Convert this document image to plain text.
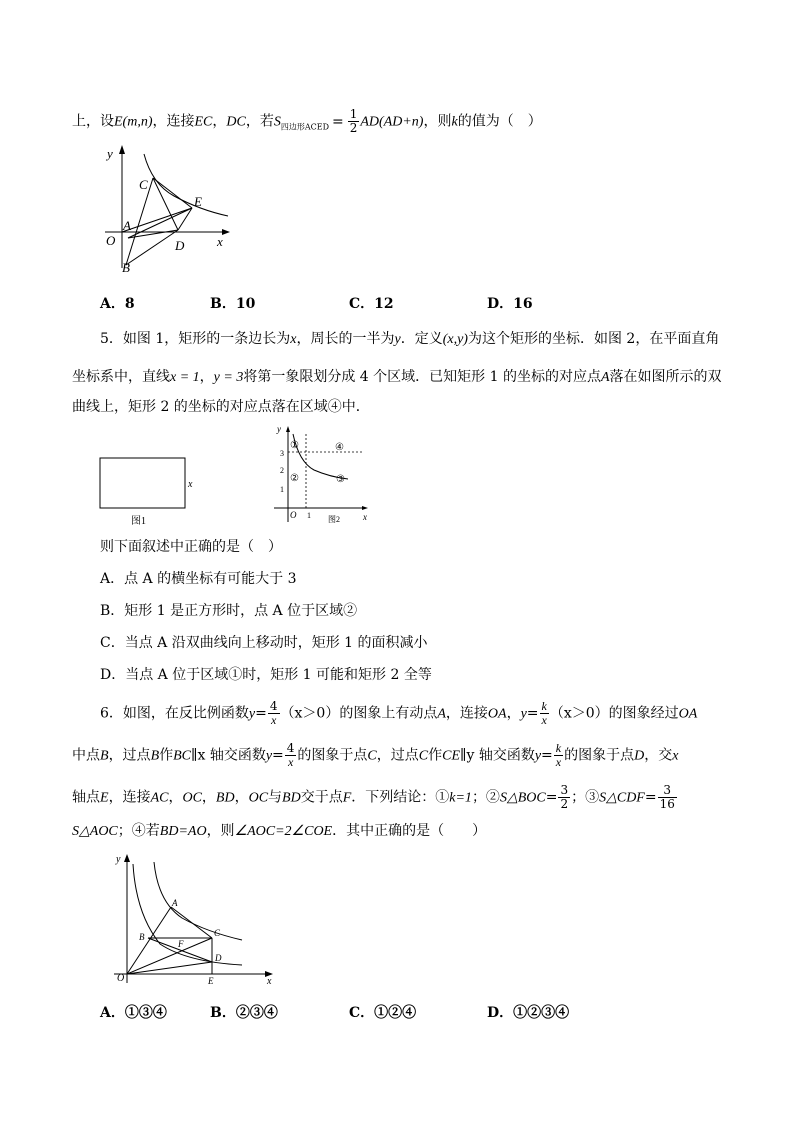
上，设E(m,n)，连接EC，DC，若$S_{四边形ACED} = \frac{1}{2} AD(AD+n)$，则k的值为（　）
y
x
O
A
B
C
D
E
A．8	B．10	C．12	D．16
5．如图 1，矩形的一条边长为x，周长的一半为y．定义(x,y)为这个矩形的坐标．如图 2，在平面直角
坐标系中，直线x = 1，y = 3将第一象限划分成 4 个区域．已知矩形 1 的坐标的对应点A落在如图所示的双
曲线上，矩形 2 的坐标的对应点落在区域④中．
x
图1
y
x
O
3
2
1
1
①
②	③
④
图2
则下面叙述中正确的是（　）
A．点 A 的横坐标有可能大于 3
B．矩形 1 是正方形时，点 A 位于区域②
C．当点 A 沿双曲线向上移动时，矩形 1 的面积减小
D．当点 A 位于区域①时，矩形 1 可能和矩形 2 全等
6．如图，在反比例函数$y= \frac{4}{x} (x>0)$的图象上有动点A，连接OA，$y= \frac{k}{x} (x>0)$的图象经过OA
中点B，过点B作BC∥x 轴交函数$y= \frac{4}{x}$ 的图象于点C，过点C作CE∥y 轴交函数$y= \frac{k}{x}$ 的图象于点D，交x
轴点E，连接AC，OC，BD，OC与BD交于点F．下列结论：①k=1；②S△BOC= $\frac{3}{2}$ ；③S△CDF= $\frac{3}{16}$
S△AOC；④若BD=AO，则∠AOC=2∠COE．其中正确的是（　　）
y
x
O
A
B	C
D
E
F
A．①③④	B．②③④	C．①②④	D．①②③④
